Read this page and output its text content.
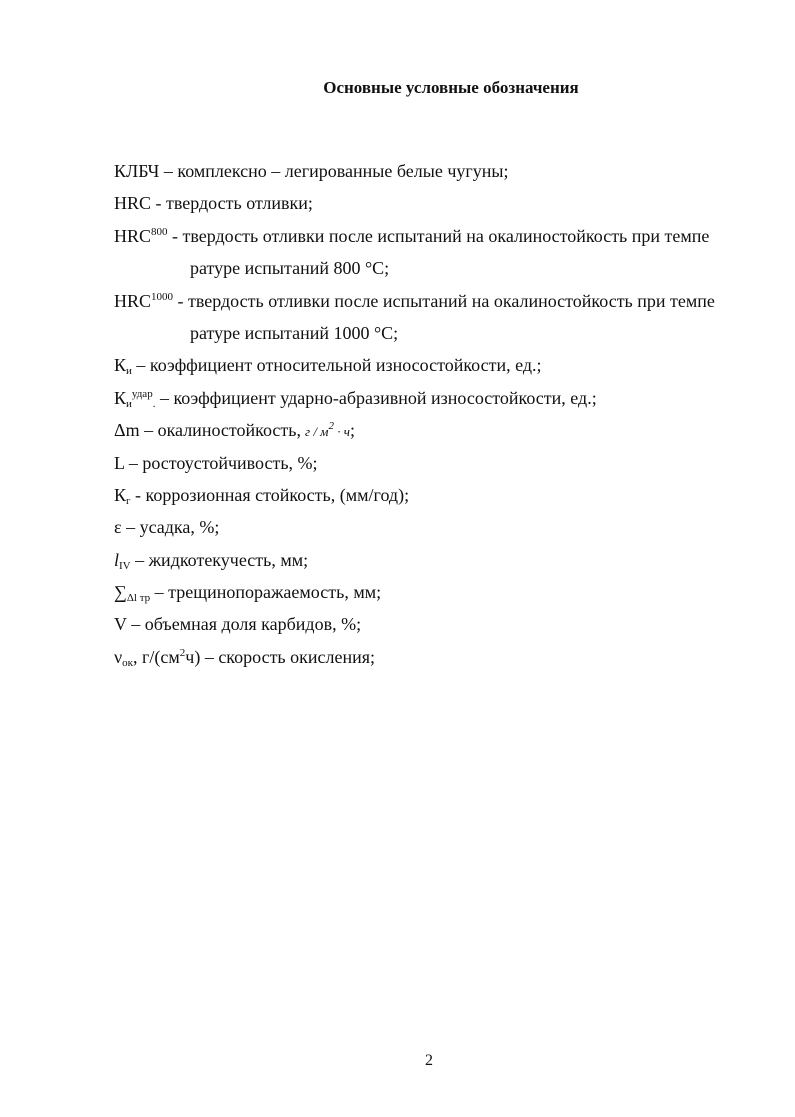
Основные условные обозначения
КЛБЧ – комплексно – легированные белые чугуны;
HRC - твердость отливки;
HRC$^{800}$ - твердость отливки после испытаний на окалиностойкость при темпе
ратуре испытаний 800 °С;
$HRC^{1000}$ - твердость отливки после испытаний на окалиностойкость при темпе
ратуре испытаний 1000 °С;
$К_и$ – коэффициент относительной износостойкости, ед.;
$К_и^{удар}_.$ – коэффициент ударно-абразивной износостойкости, ед.;
Δm – окалиностойкость, $г / м^2 \cdot ч$;
L – ростоустойчивость, %;
$К_г$ - коррозионная стойкость, (мм/год);
ε – усадка, %;
$l_{IV}$ – жидкотекучесть, мм;
$\sum_{\Delta l тр}$ – трещинопоражаемость, мм;
V – объемная доля карбидов, %;
$\nu_{ок}$, $г/(см^2ч)$ – скорость окисления;
2
